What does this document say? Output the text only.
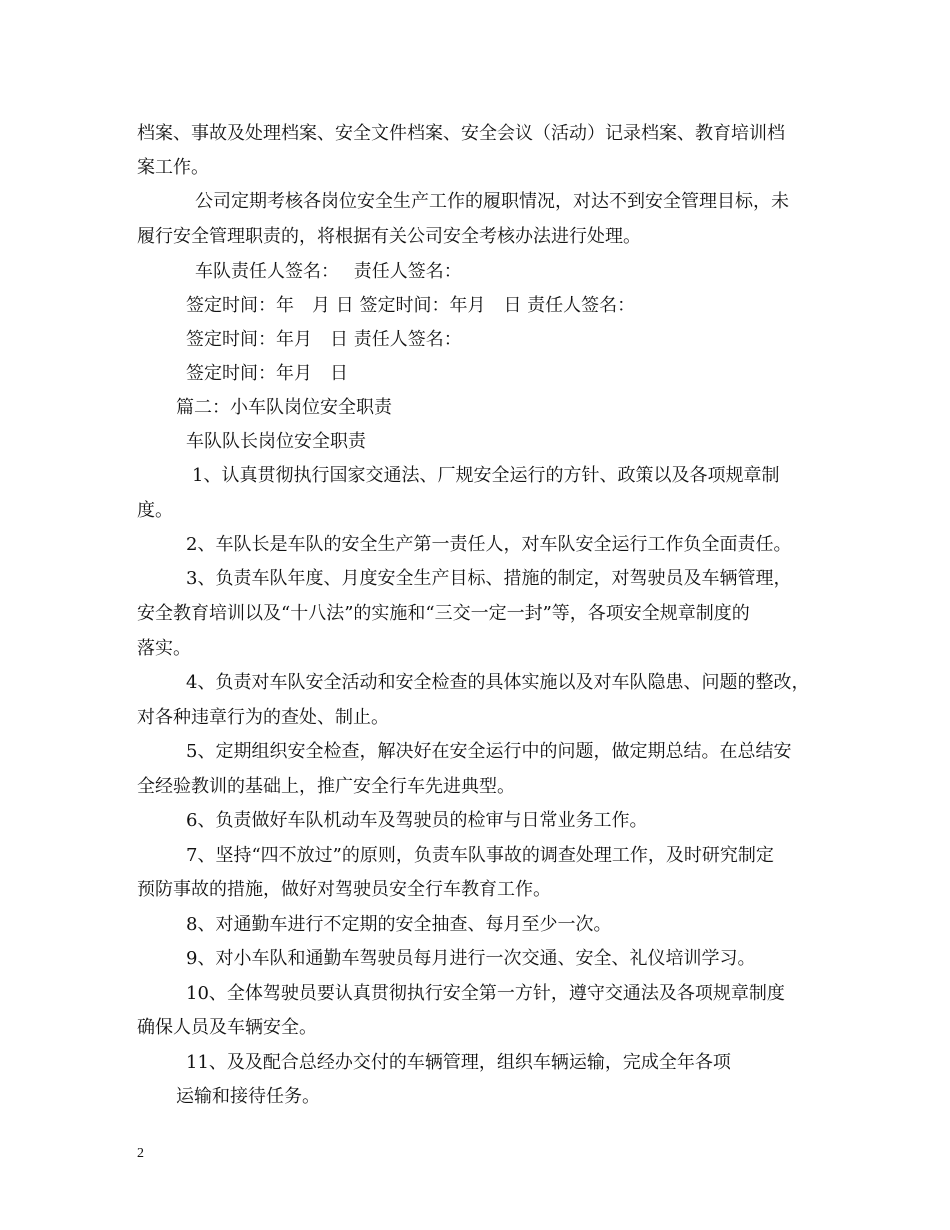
档案、事故及处理档案、安全文件档案、安全会议（活动）记录档案、教育培训档

案工作。

公司定期考核各岗位安全生产工作的履职情况，对达不到安全管理目标，未

履行安全管理职责的，将根据有关公司安全考核办法进行处理。

车队责任人签名：　 责任人签名：

签定时间：年　月 日 签定时间：年月　日 责任人签名：

签定时间：年月　日 责任人签名：

签定时间：年月　日

篇二：小车队岗位安全职责

车队队长岗位安全职责

1、认真贯彻执行国家交通法、厂规安全运行的方针、政策以及各项规章制

度。

2、车队长是车队的安全生产第一责任人，对车队安全运行工作负全面责任。

3、负责车队年度、月度安全生产目标、措施的制定，对驾驶员及车辆管理，

安全教育培训以及“十八法”的实施和“三交一定一封”等，各项安全规章制度的

落实。

4、负责对车队安全活动和安全检查的具体实施以及对车队隐患、问题的整改，

对各种违章行为的查处、制止。

5、定期组织安全检查，解决好在安全运行中的问题，做定期总结。在总结安

全经验教训的基础上，推广安全行车先进典型。

6、负责做好车队机动车及驾驶员的检审与日常业务工作。

7、坚持“四不放过”的原则，负责车队事故的调查处理工作，及时研究制定

预防事故的措施，做好对驾驶员安全行车教育工作。

8、对通勤车进行不定期的安全抽查、每月至少一次。

9、对小车队和通勤车驾驶员每月进行一次交通、安全、礼仪培训学习。

10、全体驾驶员要认真贯彻执行安全第一方针，遵守交通法及各项规章制度

确保人员及车辆安全。

11、及及配合总经办交付的车辆管理，组织车辆运输，完成全年各项

运输和接待任务。

2
